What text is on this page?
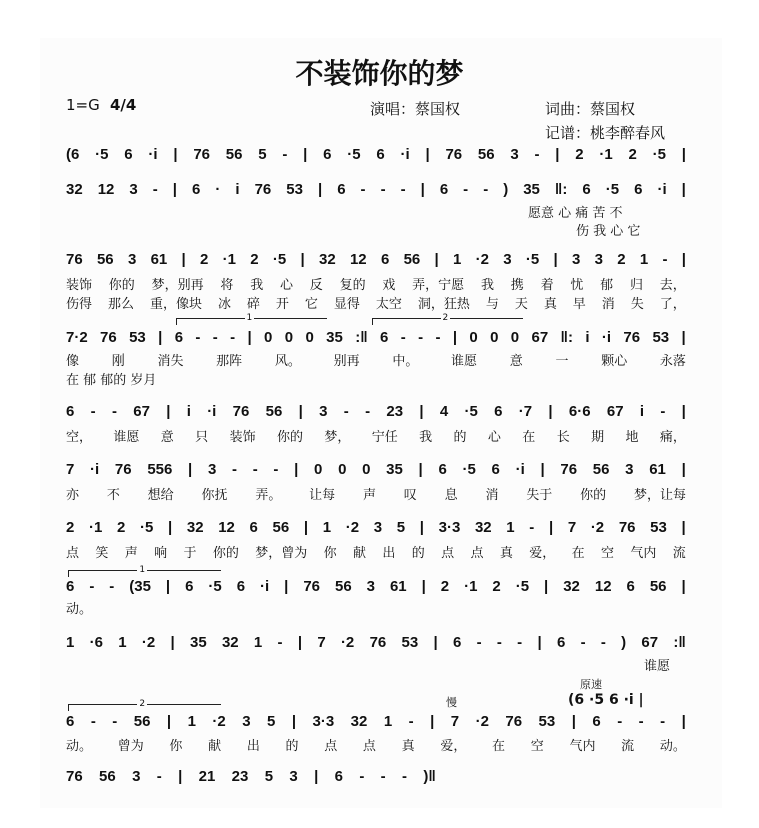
不装饰你的梦
1=G 4/4	演唱：蔡国权	词曲：蔡国权
记谱：桃李醉春风
(6 ·5 6 ·i | 76 56 5 - | 6 ·5 6 ·i | 76 56 3 - | 2 ·1 2 ·5 |
32 12 3 - | 6 · i 76 53 | 6 - - - | 6 - - ) 35 ‖: 6 ·5 6 ·i |
愿意 心 痛 苦 不
伤 我 心 它
76 56 3 61 | 2 ·1 2 ·5 | 32 12 6 56 | 1 ·2 3 ·5 | 3 3 2 1 - |
装饰 你的 梦，别再 将 我 心 反 复的 戏 弄，宁愿 我 携 着 忧 郁 归 去，
伤得 那么 重，像块 冰 碎 开 它 显得 太空 洞，狂热 与 天 真 早 消 失 了，
1	2
7·2 76 53 | 6 - - - | 0 0 0 35 :‖ 6 - - - | 0 0 0 67 ‖: i ·i 76 53 |
像	刚	消失	那阵	风。	别再	中。	谁愿	意	一	颗心	永落
在 郁 郁的 岁月
6 - - 67 | i ·i 76 56 | 3 - - 23 | 4 ·5 6 ·7 | 6·6 67 i - |
空， 谁愿 意 只 装饰 你的 梦， 宁任 我 的 心 在 长 期 地 痛，
7 ·i 76 556 | 3 - - - | 0 0 0 35 | 6 ·5 6 ·i | 76 56 3 61 |
亦 不 想给 你抚 弄。 让每 声 叹 息 消 失于 你的 梦，让每
2 ·1 2 ·5 | 32 12 6 56 | 1 ·2 3 5 | 3·3 32 1 - | 7 ·2 76 53 |
点 笑 声 响 于 你的 梦，曾为 你 献 出 的 点 点 真 爱， 在 空 气内 流
1
6 - - (35 | 6 ·5 6 ·i | 76 56 3 61 | 2 ·1 2 ·5 | 32 12 6 56 |
动。
1 ·6 1 ·2 | 35 32 1 - | 7 ·2 76 53 | 6 - - - | 6 - - ) 67 :‖
谁愿
原速
(6 ·5 6 ·i |
慢
2
6 - - 56 | 1 ·2 3 5 | 3·3 32 1 - | 7 ·2 76 53 | 6 - - - |
动。 曾为 你 献 出 的 点 点 真 爱， 在 空 气内 流 动。
76 56 3 - | 21 23 5 3 | 6 - - - )‖
